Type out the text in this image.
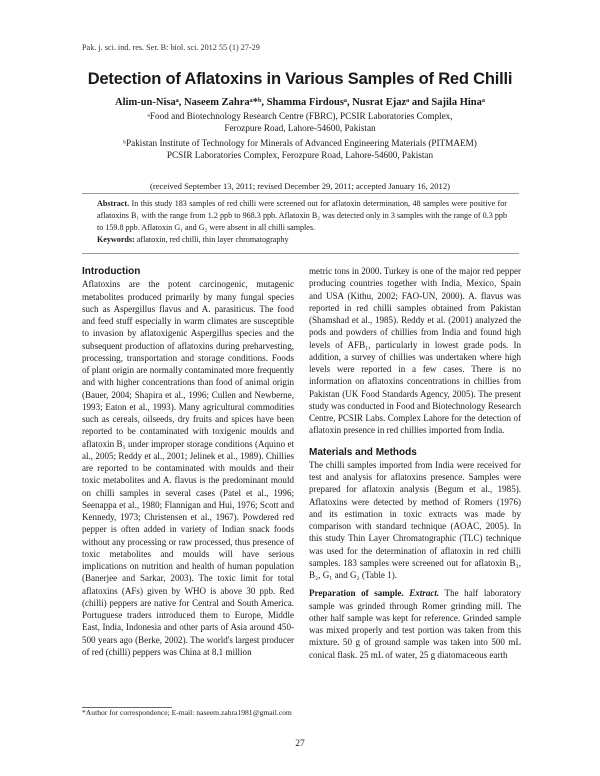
Pak. j. sci. ind. res. Ser. B: biol. sci. 2012 55 (1) 27-29
Detection of Aflatoxins in Various Samples of Red Chilli
Alim-un-Nisaᵃ, Naseem Zahraᵃ*ᵇ, Shamma Firdousᵃ, Nusrat Ejazᵃ and Sajila Hinaᵃ
ᵃFood and Biotechnology Research Centre (FBRC), PCSIR Laboratories Complex,
Ferozpure Road, Lahore-54600, Pakistan
ᵇPakistan Institute of Technology for Minerals of Advanced Engineering Materials (PITMAEM)
PCSIR Laboratories Complex, Ferozpure Road, Lahore-54600, Pakistan
(received September 13, 2011; revised December 29, 2011; accepted January 16, 2012)
Abstract. In this study 183 samples of red chilli were screened out for aflatoxin determination, 48 samples were positive for aflatoxins B₁ with the range from 1.2 ppb to 968.3 ppb. Aflatoxin B₂ was detected only in 3 samples with the range of 0.3 ppb to 159.8 ppb. Aflatoxin G₁ and G₂ were absent in all chilli samples.
Keywords: aflatoxin, red chilli, thin layer chromatography

Introduction

Aflatoxins are the potent carcinogenic, mutagenic metabolites produced primarily by many fungal species such as Aspergillus flavus and A. parasiticus. The food and feed stuff especially in warm climates are susceptible to invasion by aflatoxigenic Aspergillus species and the subsequent production of aflatoxins during preharvesting, processing, transportation and storage conditions. Foods of plant origin are normally contaminated more frequently and with higher concentrations than food of animal origin (Bauer, 2004; Shapira et al., 1996; Cullen and Newberne, 1993; Eaton et al., 1993). Many agricultural commodities such as cereals, oilseeds, dry fruits and spices have been reported to be contaminated with toxigenic moulds and aflatoxin B₁ under improper storage conditions (Aquino et al., 2005; Reddy et al., 2001; Jelinek et al., 1989). Chillies are reported to be contaminated with moulds and their toxic metabolites and A. flavus is the predominant mould on chilli samples in several cases (Patel et al., 1996; Seenappa et al., 1980; Flannigan and Hui, 1976; Scott and Kennedy, 1973; Christensen et al., 1967). Powdered red pepper is often added in variety of Indian snack foods without any processing or raw processed, thus presence of toxic metabolites and moulds will have serious implications on nutrition and health of human population (Banerjee and Sarkar, 2003). The toxic limit for total aflatoxins (AFs) given by WHO is above 30 ppb. Red (chilli) peppers are native for Central and South America. Portuguese traders introduced them to Europe, Middle East, India, Indonesia and other parts of Asia around 450-500 years ago (Berke, 2002). The world's largest producer of red (chilli) peppers was China at 8.1 million

metric tons in 2000. Turkey is one of the major red pepper producing countries together with India, Mexico, Spain and USA (Kithu, 2002; FAO-UN, 2000). A. flavus was reported in red chilli samples obtained from Pakistan (Shamshad et al., 1985). Reddy et al. (2001) analyzed the pods and powders of chillies from India and found high levels of AFB₁, particularly in lowest grade pods. In addition, a survey of chillies was undertaken where high levels were reported in a few cases. There is no information on aflatoxins concentrations in chillies from Pakistan (UK Food Standards Agency, 2005). The present study was conducted in Food and Biotechnology Research Centre, PCSIR Labs. Complex Lahore for the detection of aflatoxin presence in red chillies imported from India.

Materials and Methods

The chilli samples imported from India were received for test and analysis for aflatoxins presence. Samples were prepared for aflatoxin analysis (Begum et al., 1985). Aflatoxins were detected by method of Romers (1976) and its estimation in toxic extracts was made by comparison with standard technique (AOAC, 2005). In this study Thin Layer Chromatographic (TLC) technique was used for the determination of aflatoxin in red chilli samples. 183 samples were screened out for aflatoxin B₁, B₂, G₁ and G₂ (Table 1).

Preparation of sample. Extract. The half laboratory sample was grinded through Romer grinding mill. The other half sample was kept for reference. Grinded sample was mixed properly and test portion was taken from this mixture. 50 g of ground sample was taken into 500 mL conical flask. 25 mL of water, 25 g diatomaceous earth

*Author for correspondence; E-mail: naseem.zahra1981@gmail.com
27
